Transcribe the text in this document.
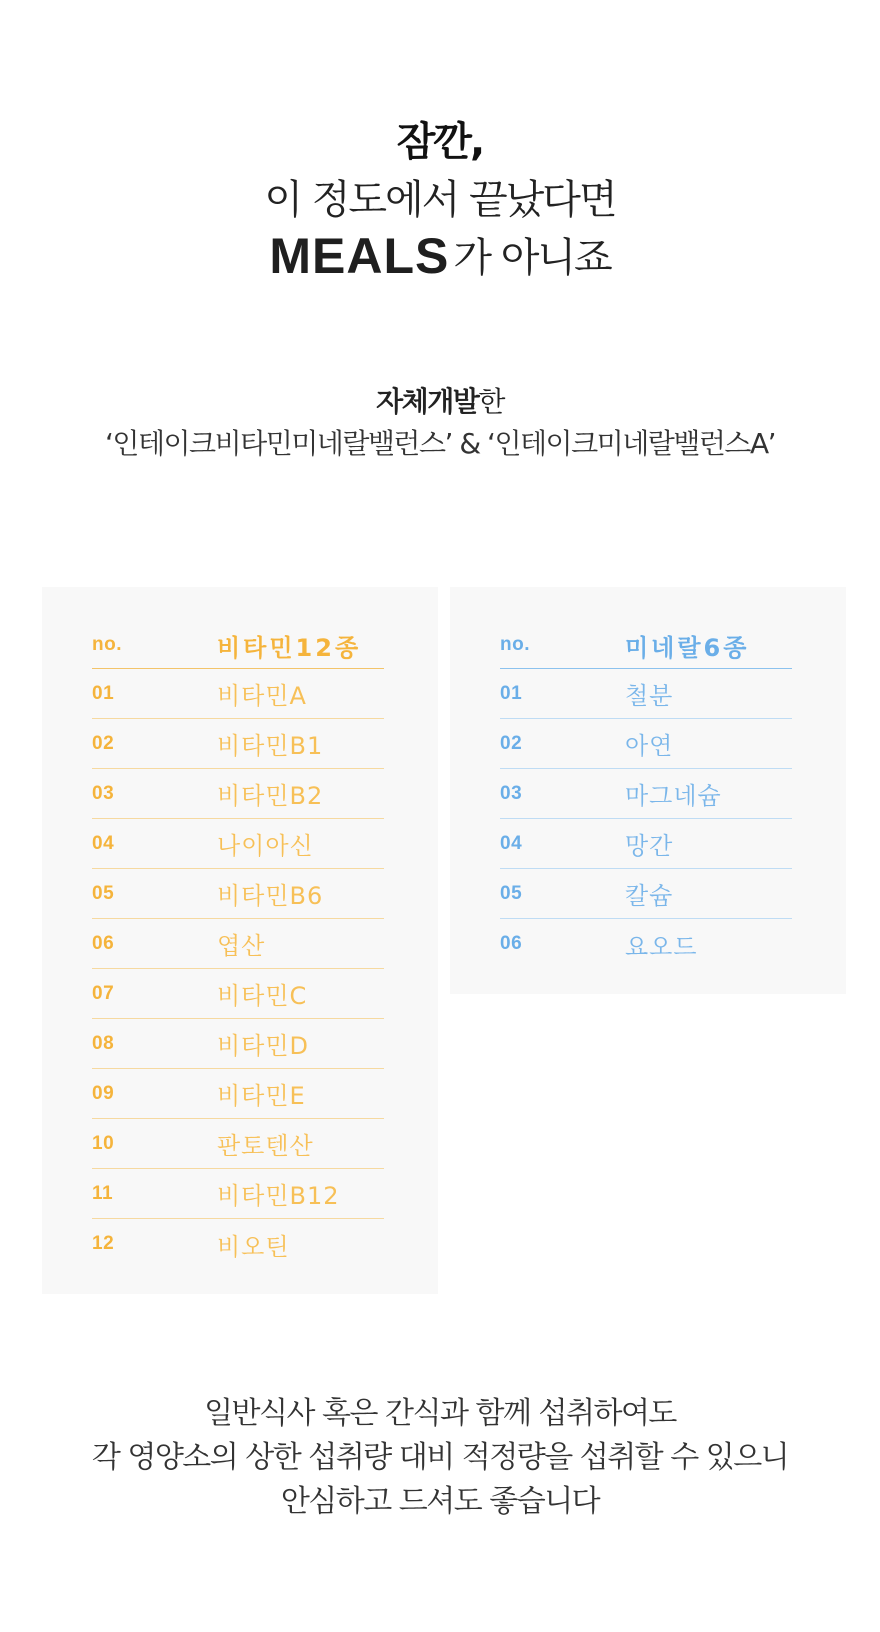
잠깐,
이 정도에서 끝났다면
MEALS 가 아니죠
자체개발한
‘인테이크비타민미네랄밸런스’ & ‘인테이크미네랄밸런스A’
no.	비타민12종
01	비타민A
02	비타민B1
03	비타민B2
04	나이아신
05	비타민B6
06	엽산
07	비타민C
08	비타민D
09	비타민E
10	판토텐산
11	비타민B12
12	비오틴
no.	미네랄6종
01	철분
02	아연
03	마그네슘
04	망간
05	칼슘
06	요오드
일반식사 혹은 간식과 함께 섭취하여도
각 영양소의 상한 섭취량 대비 적정량을 섭취할 수 있으니
안심하고 드셔도 좋습니다
